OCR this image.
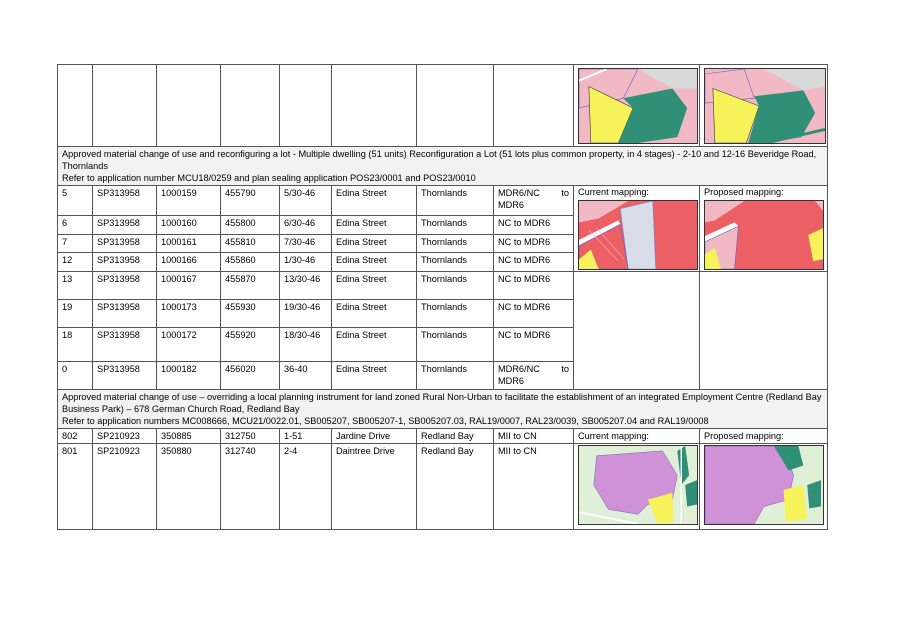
Approved material change of use and reconfiguring a lot - Multiple dwelling (51 units) Reconfiguration a Lot (51 lots plus common property, in 4 stages) - 2-10 and 12-16 Beveridge Road, Thornlands
Refer to application number MCU18/0259 and plan sealing application POS23/0001 and POS23/0010									

5	SP313958	1000159	455790	5/30-46	Edina Street	Thornlands	MDR6/NC to
MDR6	Current mapping:	Proposed mapping:

6	SP313958	1000160	455800	6/30-46	Edina Street	Thornlands	NC to MDR6		
7	SP313958	1000161	455810	7/30-46	Edina Street	Thornlands	NC to MDR6		
12	SP313958	1000166	455860	1/30-46	Edina Street	Thornlands	NC to MDR6		
13	SP313958	1000167	455870	13/30-46	Edina Street	Thornlands	NC to MDR6		
19	SP313958	1000173	455930	19/30-46	Edina Street	Thornlands	NC to MDR6		
18	SP313958	1000172	455920	18/30-46	Edina Street	Thornlands	NC to MDR6		
0	SP313958	1000182	456020	36-40	Edina Street	Thornlands	MDR6/NC to
MDR6		

Approved material change of use – overriding a local planning instrument for land zoned Rural Non-Urban to facilitate the establishment of an integrated Employment Centre (Redland Bay Business Park) – 678 German Church Road, Redland Bay
Refer to application numbers MC008666, MCU21/0022.01, SB005207, SB005207-1, SB005207.03, RAL19/0007, RAL23/0039, SB005207.04 and RAL19/0008									

802	SP210923	350885	312750	1-51	Jardine Drive	Redland Bay	MII to CN	Current mapping:	Proposed mapping:
801	SP210923	350880	312740	2-4	Daintree Drive	Redland Bay	MII to CN	
